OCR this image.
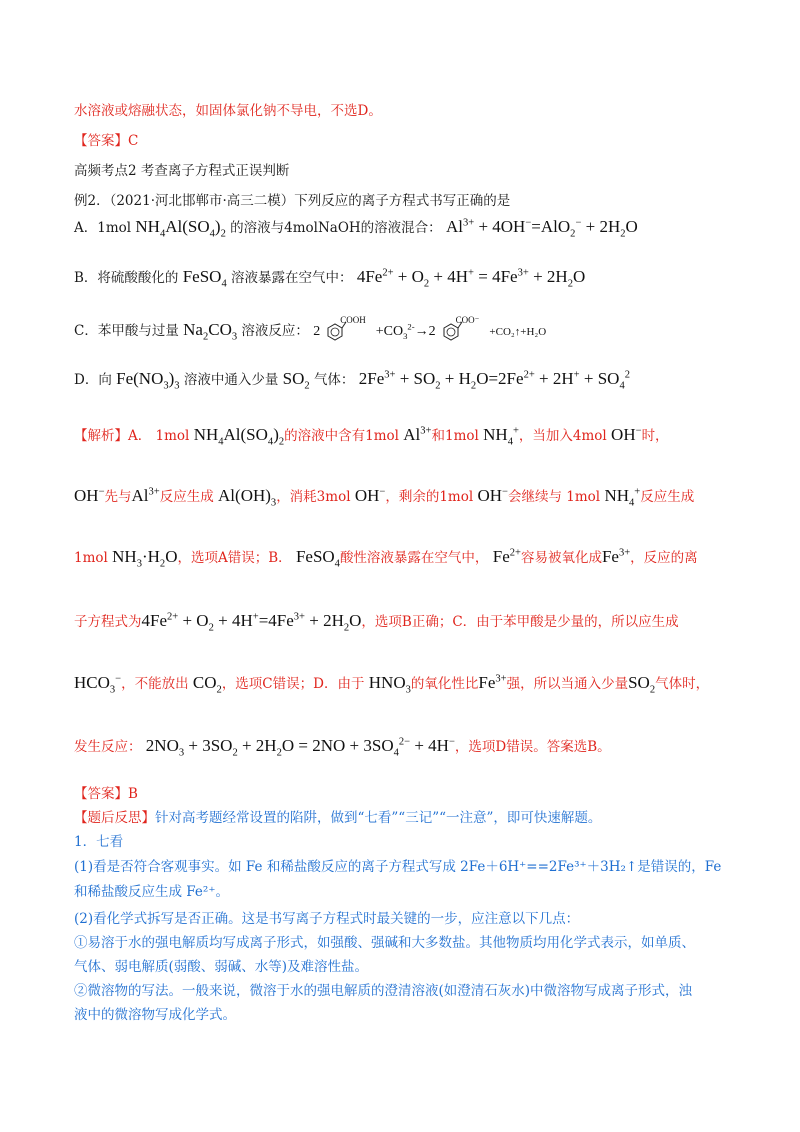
水溶液或熔融状态，如固体氯化钠不导电，不选D。
【答案】C
高频考点2 考查离子方程式正误判断
例2．（2021·河北邯郸市·高三二模）下列反应的离子方程式书写正确的是
A．1mol $NH_4Al(SO_4)_2$ 的溶液与4molNaOH的溶液混合： $Al^{3+} + 4OH^-=AlO_2^- + 2H_2O$
B．将硫酸酸化的 FeSO$_4$ 溶液暴露在空气中： $4Fe^{2+} + O_2 + 4H^+ = 4Fe^{3+} + 2H_2O$
C．苯甲酸与过量 $Na_2CO_3$ 溶液反应： $2^{COOH}+CO_3^{2-}\to 2^{COO^-}+CO_2↑+H_2O$
D．向 $Fe(NO_3)_3$ 溶液中通入少量 $SO_2$ 气体： $2Fe^{3+} + SO_2 + H_2O=2Fe^{2+} + 2H^+ + SO_4^2$
【解析】A． 1mol $NH_4Al(SO_4)_2$的溶液中含有1mol $Al^{3+}$和1mol $NH_4^+$，当加入4mol OH−时，
OH−先与$Al^{3+}$反应生成 $Al(OH)_3$，消耗3mol OH−，剩余的1mol OH−会继续与 1mol $NH_4^+$反应生成
1mol $NH_3\cdot H_2O$，选项A错误；B． FeSO$_4$酸性溶液暴露在空气中， $Fe^{2+}$容易被氧化成$Fe^{3+}$，反应的离
子方程式为$4Fe^{2+} + O_2 + 4H^+=4Fe^{3+} + 2H_2O$，选项B正确；C．由于苯甲酸是少量的，所以应生成
$HCO_3^-$，不能放出 $CO_2$，选项C错误；D．由于 $HNO_3$的氧化性比$Fe^{3+}$强，所以当通入少量$SO_2$气体时，
发生反应： $2NO_3 + 3SO_2 + 2H_2O = 2NO + 3SO_4^{2-} + 4H^-$，选项D错误。答案选B。
【答案】B
【题后反思】针对高考题经常设置的陷阱，做到“七看”“三记”“一注意”，即可快速解题。
1．七看
(1)看是否符合客观事实。如 Fe 和稀盐酸反应的离子方程式写成 2Fe＋6H⁺==2Fe³⁺＋3H₂↑是错误的，Fe
和稀盐酸反应生成 Fe²⁺。
(2)看化学式拆写是否正确。这是书写离子方程式时最关键的一步，应注意以下几点：
①易溶于水的强电解质均写成离子形式，如强酸、强碱和大多数盐。其他物质均用化学式表示，如单质、
气体、弱电解质(弱酸、弱碱、水等)及难溶性盐。
②微溶物的写法。一般来说，微溶于水的强电解质的澄清溶液(如澄清石灰水)中微溶物写成离子形式，浊
液中的微溶物写成化学式。
